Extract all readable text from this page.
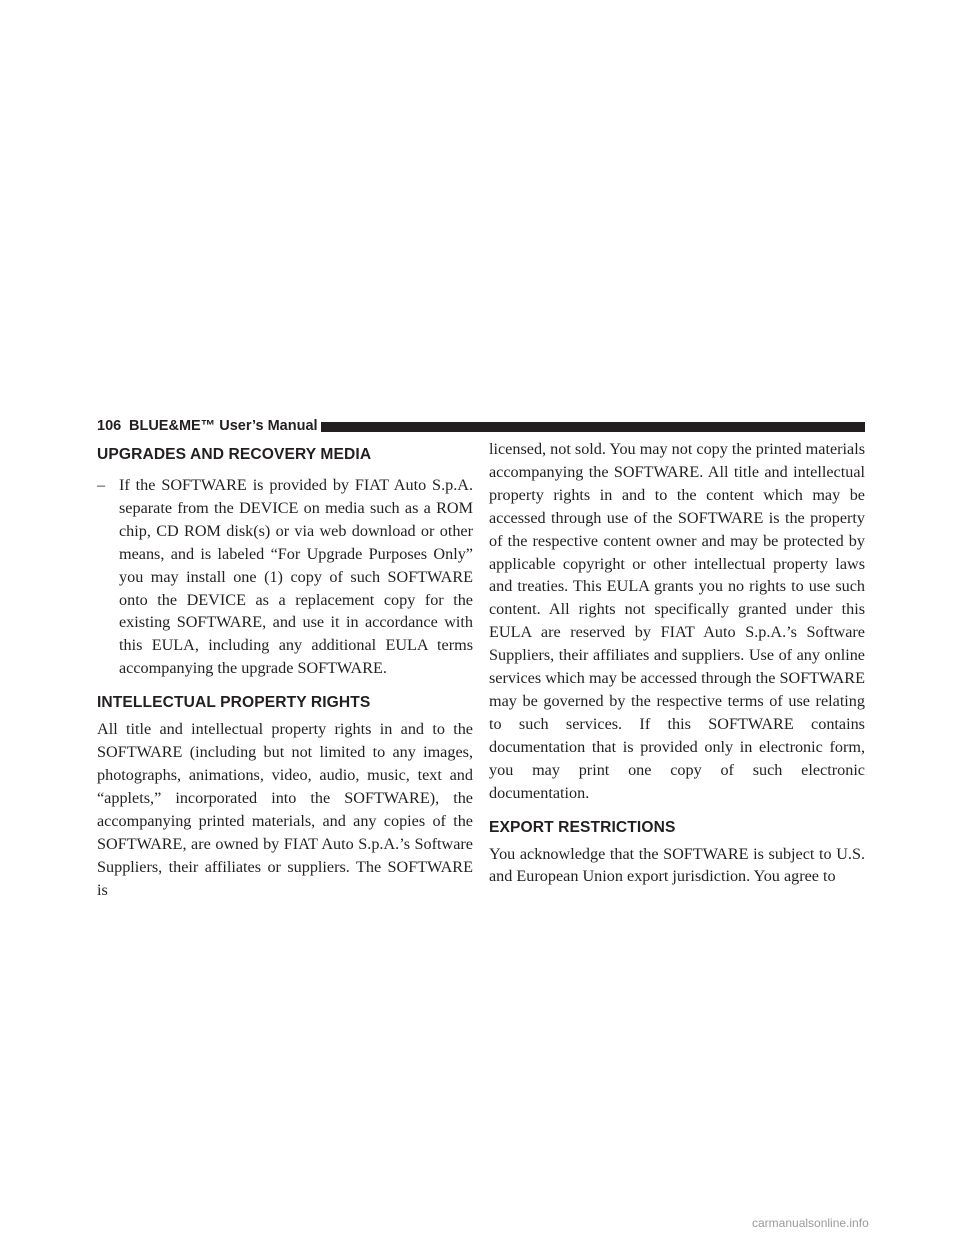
106 BLUE&ME™ User’s Manual
UPGRADES AND RECOVERY MEDIA
– If the SOFTWARE is provided by FIAT Auto S.p.A. separate from the DEVICE on media such as a ROM chip, CD ROM disk(s) or via web download or other means, and is labeled “For Upgrade Purposes Only” you may install one (1) copy of such SOFTWARE onto the DEVICE as a replacement copy for the existing SOFTWARE, and use it in accordance with this EULA, including any additional EULA terms accompanying the upgrade SOFTWARE.

INTELLECTUAL PROPERTY RIGHTS

All title and intellectual property rights in and to the SOFTWARE (including but not limited to any images, photographs, animations, video, audio, music, text and “applets,” incorporated into the SOFTWARE), the accompanying printed materials, and any copies of the SOFTWARE, are owned by FIAT Auto S.p.A.’s Software Suppliers, their affiliates or suppliers. The SOFTWARE is

licensed, not sold. You may not copy the printed materials accompanying the SOFTWARE. All title and intellectual property rights in and to the content which may be accessed through use of the SOFTWARE is the property of the respective content owner and may be protected by applicable copyright or other intellectual property laws and treaties. This EULA grants you no rights to use such content. All rights not specifically granted under this EULA are reserved by FIAT Auto S.p.A.’s Software Suppliers, their affiliates and suppliers. Use of any online services which may be accessed through the SOFTWARE may be governed by the respective terms of use relating to such services. If this SOFTWARE contains documentation that is provided only in electronic form, you may print one copy of such electronic documentation.

EXPORT RESTRICTIONS

You acknowledge that the SOFTWARE is subject to U.S. and European Union export jurisdiction. You agree to

carmanualsonline.info
